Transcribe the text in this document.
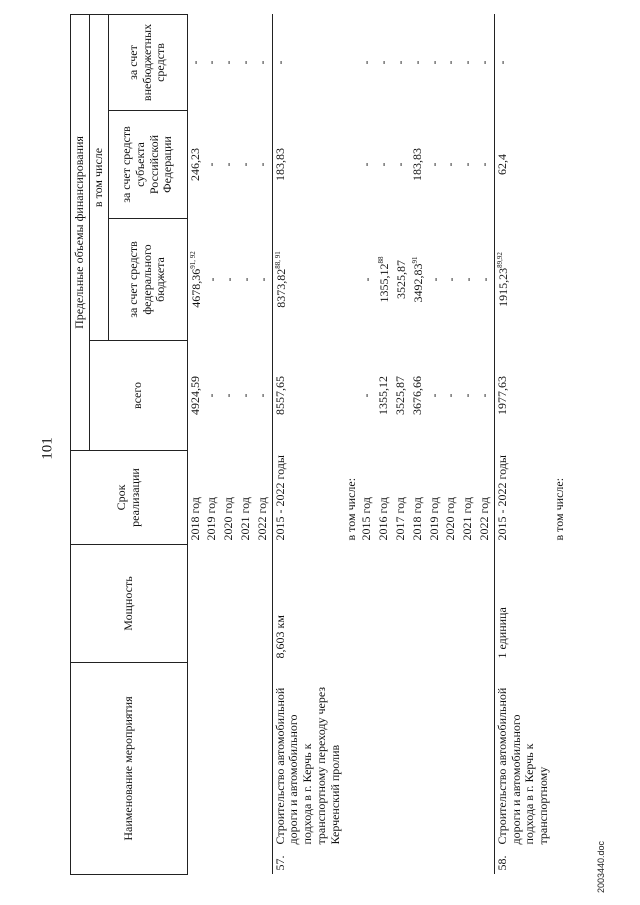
101
2003440.doc
Наименование мероприятия	Мощность	Срок реализации	Предельные объемы финансирования			
			всего	в том числе		
				за счет средств федерального бюджета	за счет средств субъекта Российской Федерации	за счет внебюджетных средств
		2018 год	4924,59	4678,36$^{91, 92}$	246,23	-
		2019 год	-	-	-	-
		2020 год	-	-	-	-
		2021 год	-	-	-	-
		2022 год	-	-	-	-
57.Строительство автомобильной дороги и автомобильного подхода в г. Керчь к транспортному переходу через Керченский пролив	8,603 км	2015 - 2022 годы	8557,65	8373,82$^{88, 91}$	183,83	-
		в том числе:				
		2015 год	-	-	-	-
		2016 год	1355,12	1355,12$^{88}$	-	-
		2017 год	3525,87	3525,87	-	-
		2018 год	3676,66	3492,83$^{91}$	183,83	-
		2019 год	-	-	-	-
		2020 год	-	-	-	-
		2021 год	-	-	-	-
		2022 год	-	-	-	-
58.Строительство автомобильной дороги и автомобильного подхода в г. Керчь к транспортному	1 единица	2015 - 2022 годы	1977,63	1915,23$^{89,92}$	62,4	-
		в том числе:				
